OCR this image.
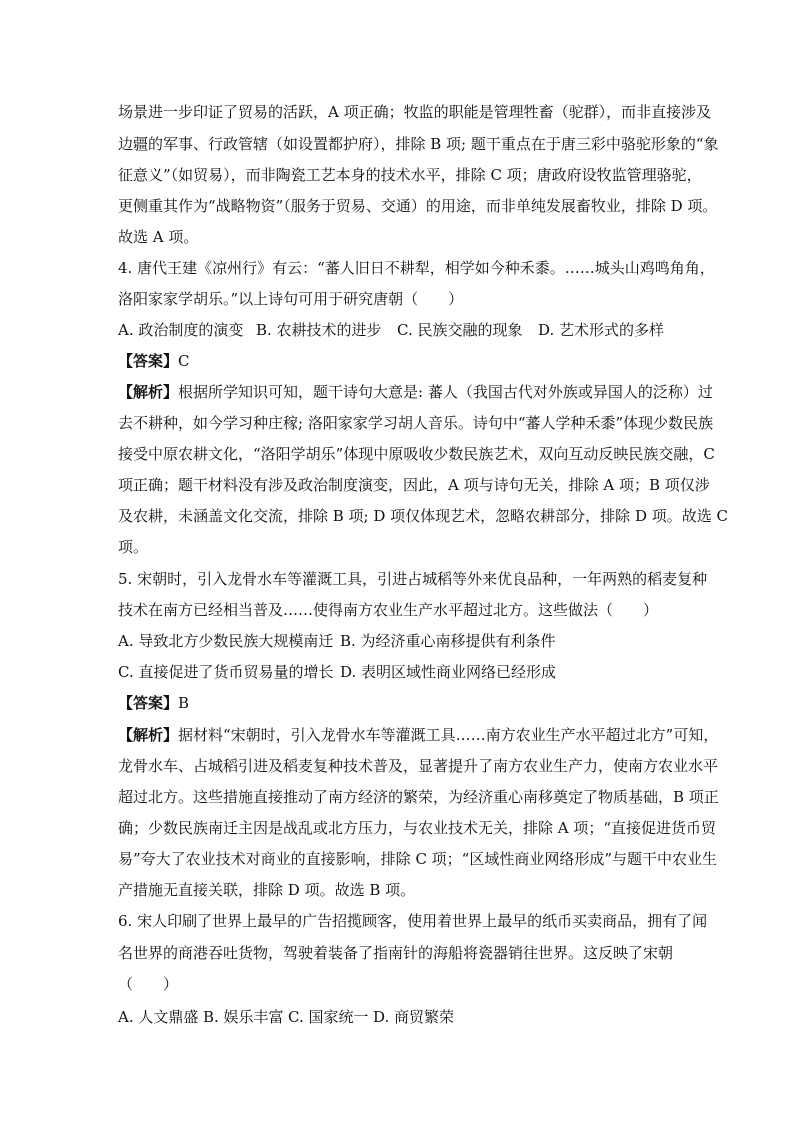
场景进一步印证了贸易的活跃，A 项正确；牧监的职能是管理牲畜（驼群），而非直接涉及
边疆的军事、行政管辖（如设置都护府），排除 B 项; 题干重点在于唐三彩中骆驼形象的“象
征意义”（如贸易），而非陶瓷工艺本身的技术水平，排除 C 项；唐政府设牧监管理骆驼，
更侧重其作为“战略物资”（服务于贸易、交通）的用途，而非单纯发展畜牧业，排除 D 项。
故选 A 项。
4. 唐代王建《凉州行》有云：“蕃人旧日不耕犁，相学如今种禾黍。……城头山鸡鸣角角，
洛阳家家学胡乐。”以上诗句可用于研究唐朝（　　）
A. 政治制度的演变 B. 农耕技术的进步 C. 民族交融的现象 D. 艺术形式的多样
【答案】C
【解析】根据所学知识可知，题干诗句大意是: 蕃人（我国古代对外族或异国人的泛称）过
去不耕种，如今学习种庄稼; 洛阳家家学习胡人音乐。诗句中“蕃人学种禾黍”体现少数民族
接受中原农耕文化，“洛阳学胡乐”体现中原吸收少数民族艺术，双向互动反映民族交融，C
项正确；题干材料没有涉及政治制度演变，因此，A 项与诗句无关，排除 A 项；B 项仅涉
及农耕，未涵盖文化交流，排除 B 项; D 项仅体现艺术，忽略农耕部分，排除 D 项。故选 C
项。
5. 宋朝时，引入龙骨水车等灌溉工具，引进占城稻等外来优良品种，一年两熟的稻麦复种
技术在南方已经相当普及……使得南方农业生产水平超过北方。这些做法（　　）
A. 导致北方少数民族大规模南迁 B. 为经济重心南移提供有利条件
C. 直接促进了货币贸易量的增长 D. 表明区域性商业网络已经形成
【答案】B
【解析】据材料“宋朝时，引入龙骨水车等灌溉工具……南方农业生产水平超过北方”可知，
龙骨水车、占城稻引进及稻麦复种技术普及，显著提升了南方农业生产力，使南方农业水平
超过北方。这些措施直接推动了南方经济的繁荣，为经济重心南移奠定了物质基础，B 项正
确；少数民族南迁主因是战乱或北方压力，与农业技术无关，排除 A 项；“直接促进货币贸
易”夸大了农业技术对商业的直接影响，排除 C 项；“区域性商业网络形成”与题干中农业生
产措施无直接关联，排除 D 项。故选 B 项。
6. 宋人印刷了世界上最早的广告招揽顾客，使用着世界上最早的纸币买卖商品，拥有了闻
名世界的商港吞吐货物，驾驶着装备了指南针的海船将瓷器销往世界。这反映了宋朝
（　　）
A. 人文鼎盛 B. 娱乐丰富 C. 国家统一 D. 商贸繁荣
